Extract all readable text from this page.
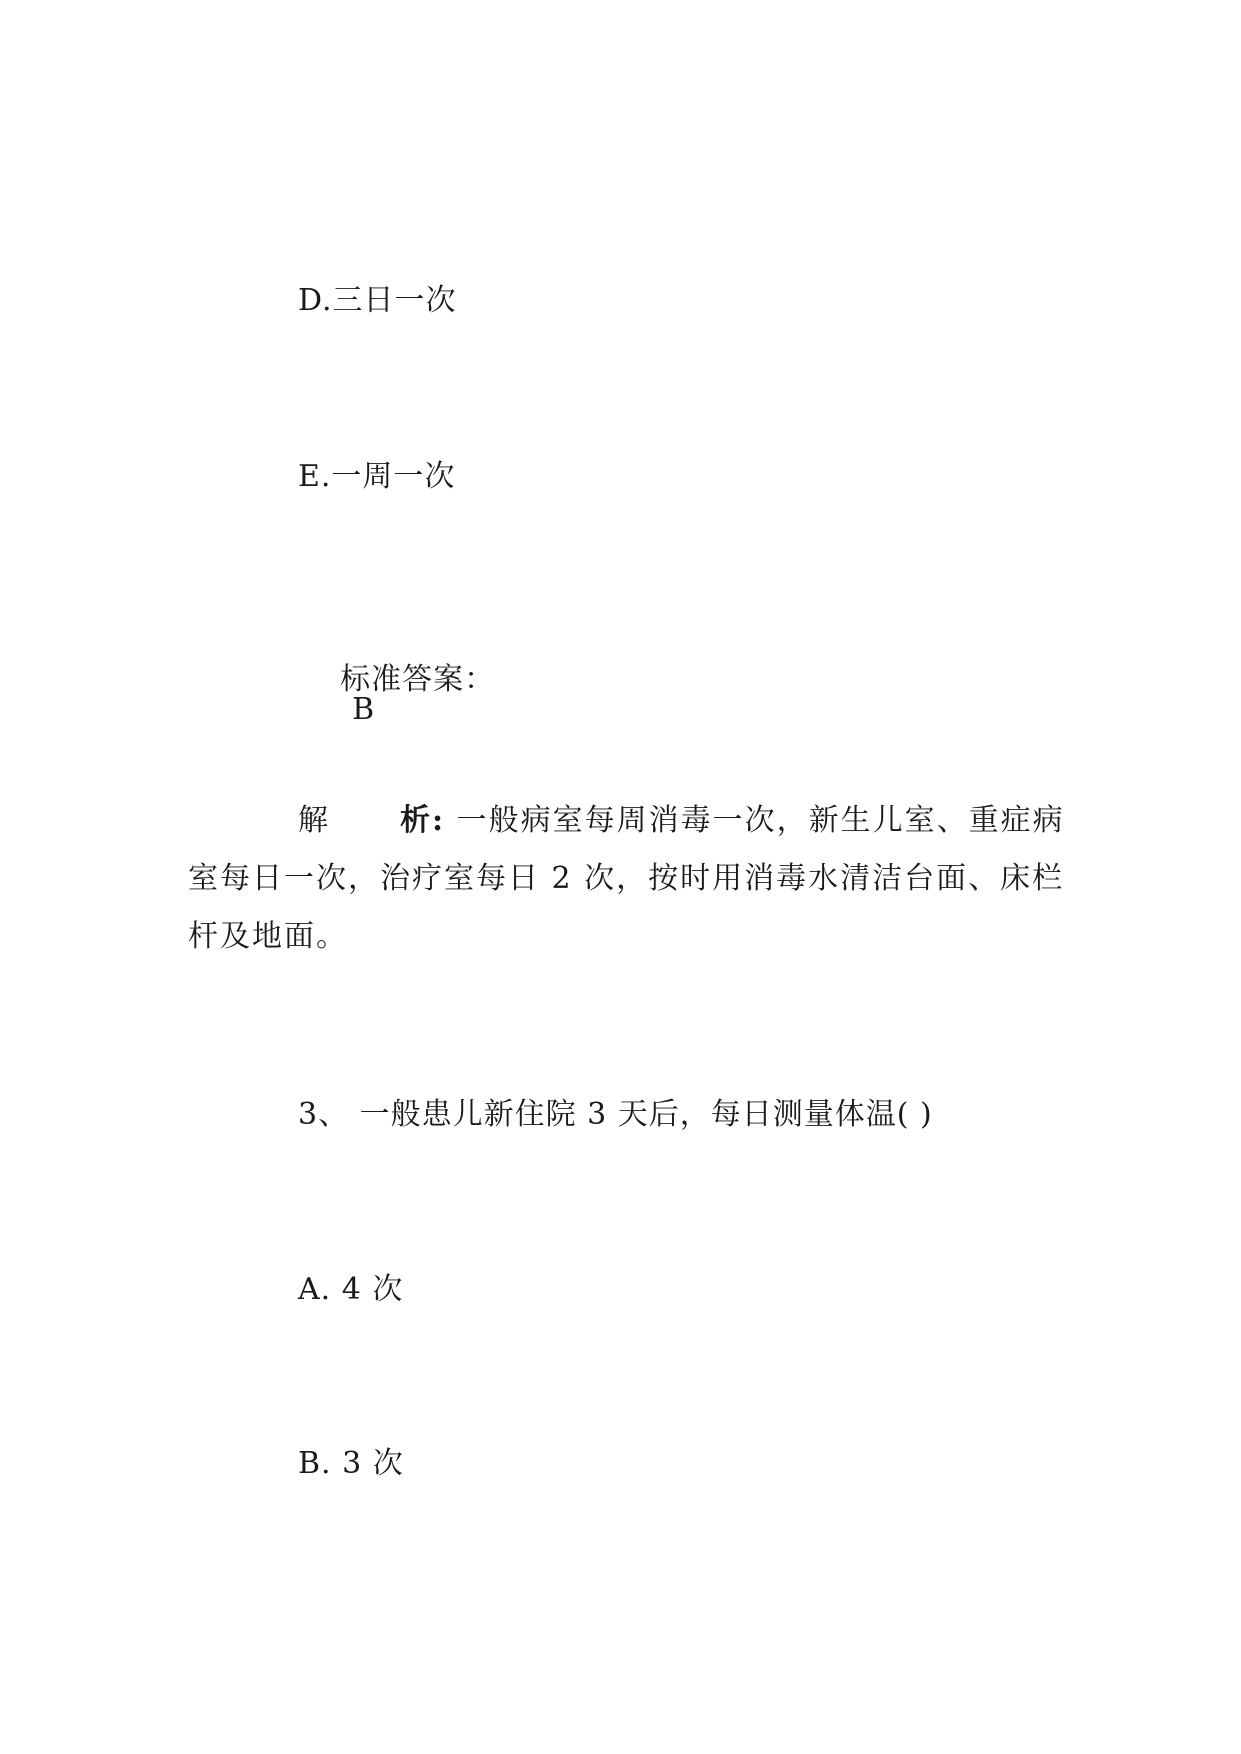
D.三日一次
E.一周一次

标准答案：
B

解 析: 一般病室每周消毒一次，新生儿室、重症病室每日一次，治疗室每日 2 次，按时用消毒水清洁台面、床栏杆及地面。
3、 一般患儿新住院 3 天后，每日测量体温( )
A. 4 次
B. 3 次
